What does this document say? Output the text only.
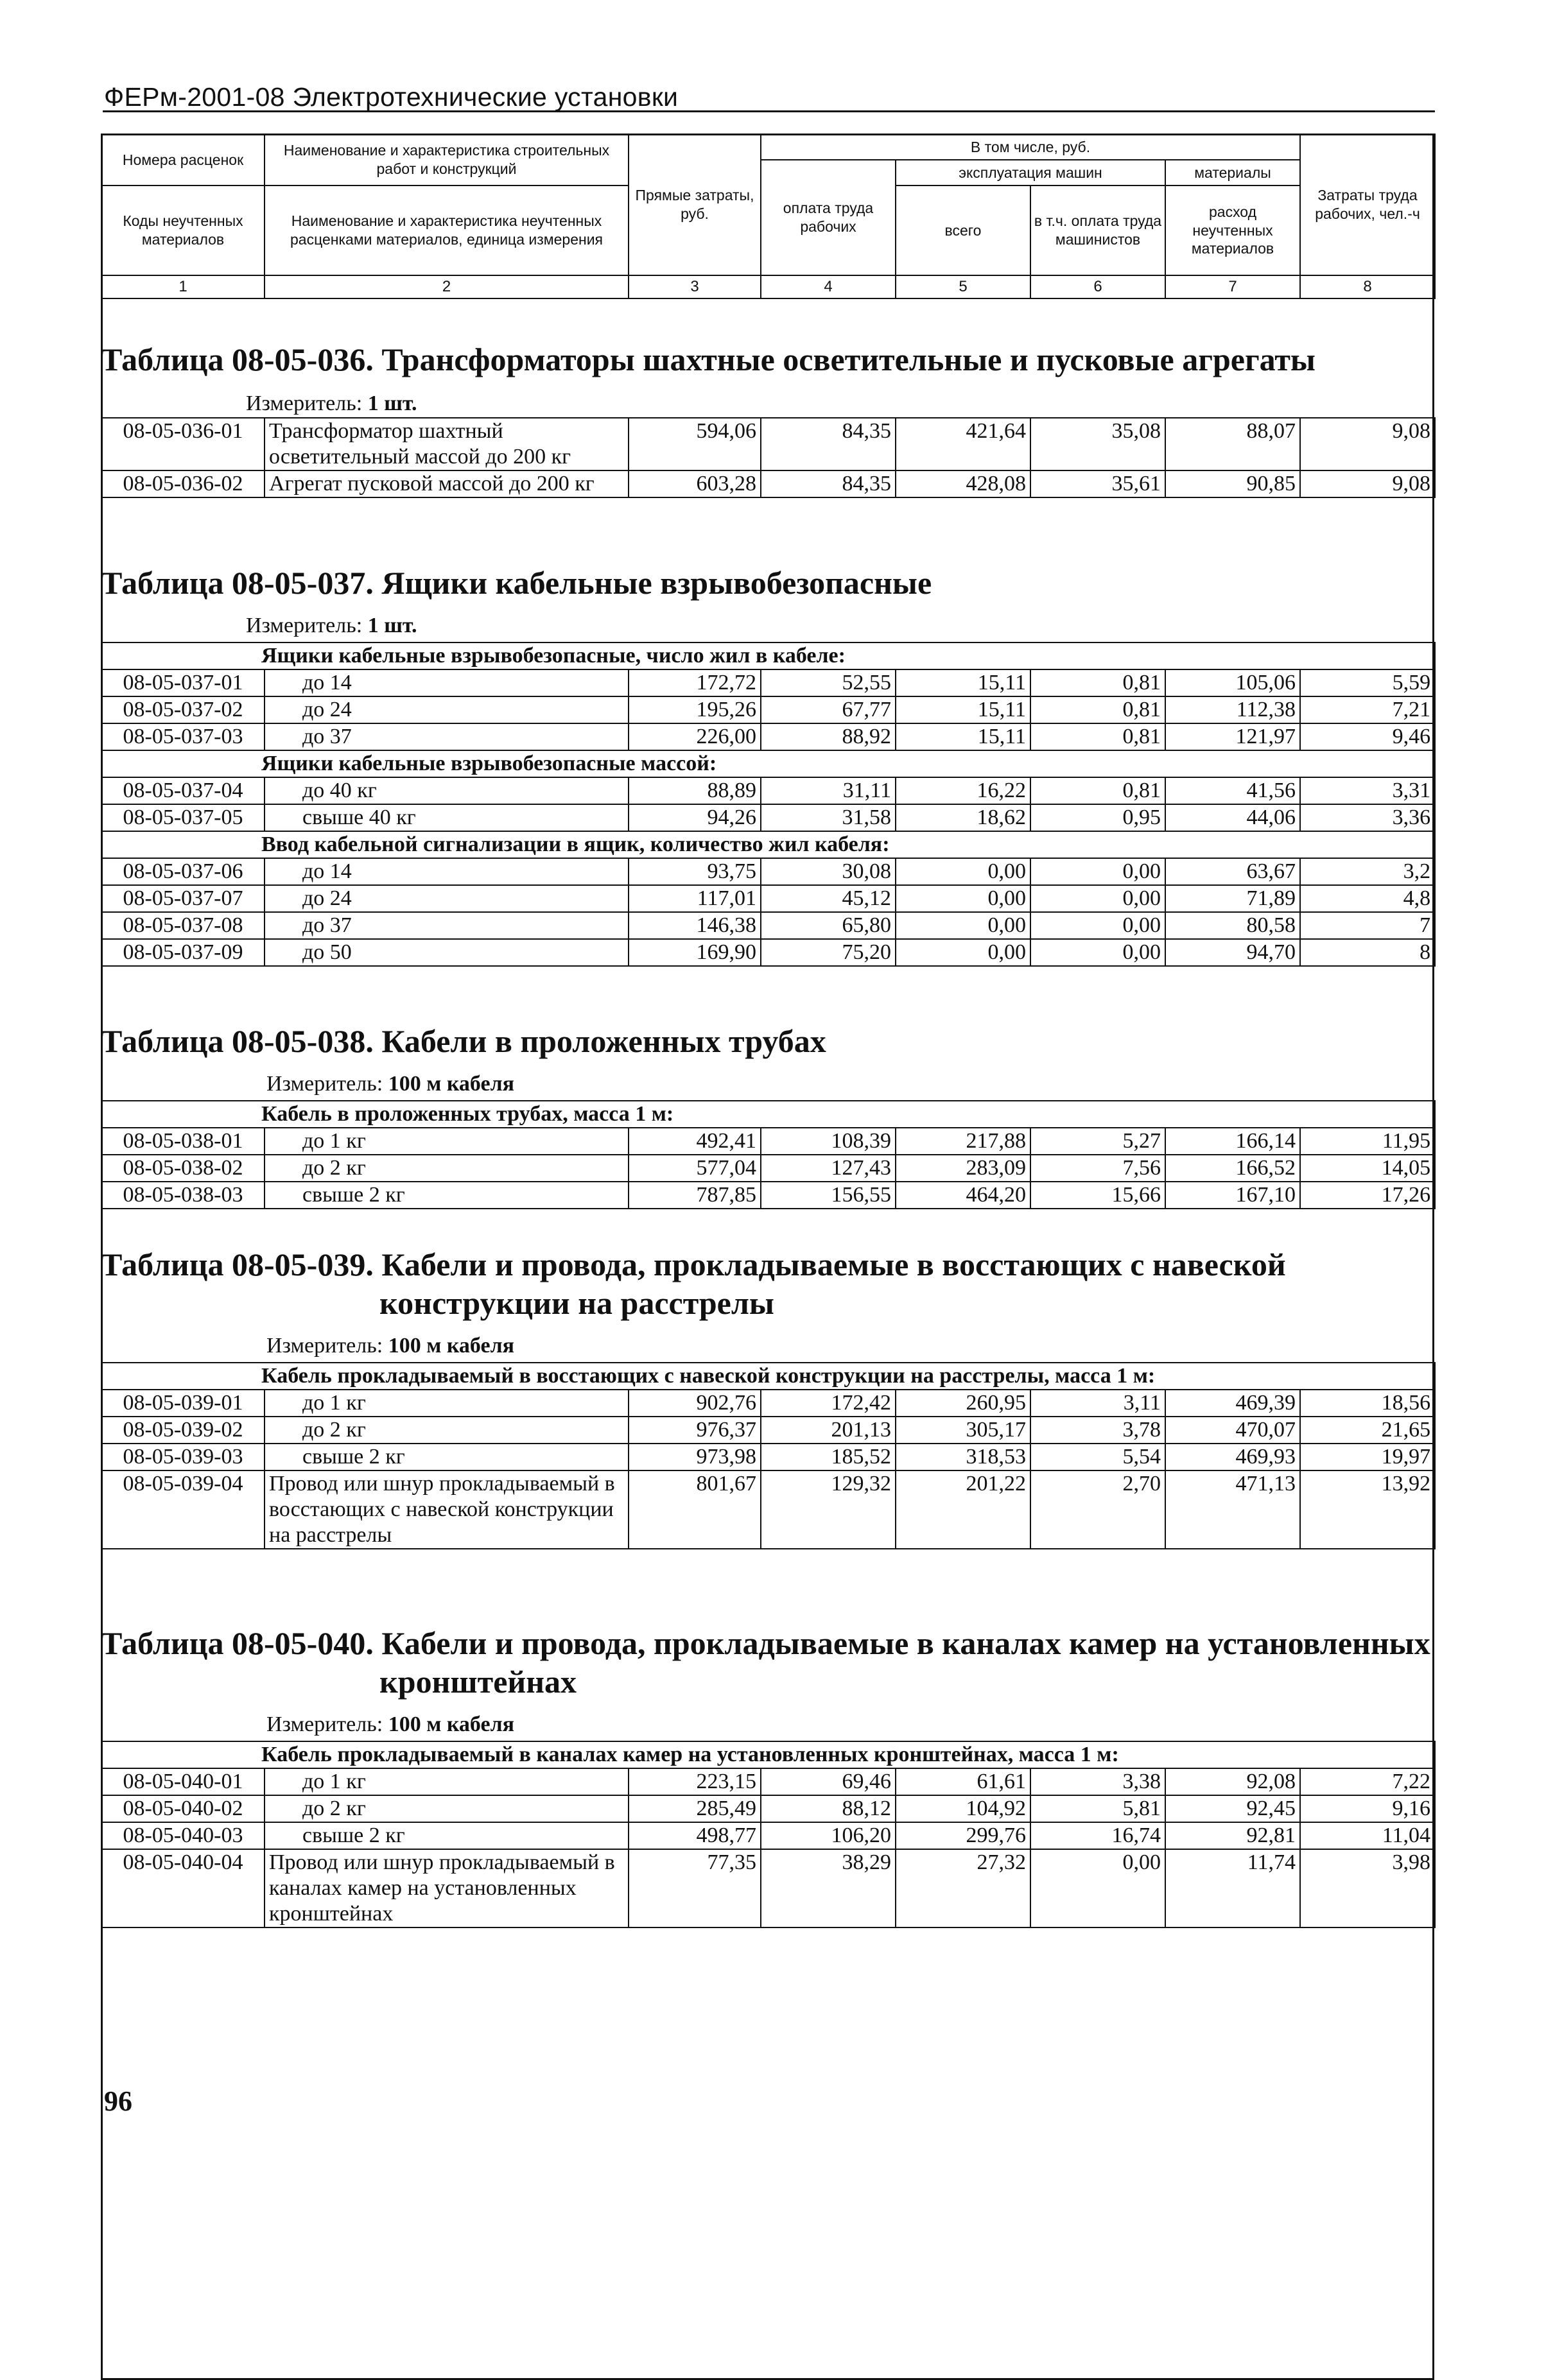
ФЕРм-2001-08 Электротехнические установки
Номера расценок	Наименование и характеристика строительных работ и конструкций	Прямые затраты, руб.	В том числе, руб.				Затраты труда рабочих, чел.-ч
			оплата труда рабочих	эксплуатация машин		материалы	
Коды неучтенных материалов	Наименование и характеристика неучтенных расценками материалов, единица измерения			всего	в т.ч. оплата труда машинистов	расход неучтенных материалов	

1	2	3	4	5	6	7	8
Таблица 08-05-036. Трансформаторы шахтные осветительные и пусковые агрегаты
Измеритель: 1 шт.
08-05-036-01	Трансформатор шахтный осветительный массой до 200 кг	594,06	84,35	421,64	35,08	88,07	9,08
08-05-036-02	Агрегат пусковой массой до 200 кг	603,28	84,35	428,08	35,61	90,85	9,08
Таблица 08-05-037. Ящики кабельные взрывобезопасные
Измеритель: 1 шт.
Ящики кабельные взрывобезопасные, число жил в кабеле:							
08-05-037-01	до 14	172,72	52,55	15,11	0,81	105,06	5,59
08-05-037-02	до 24	195,26	67,77	15,11	0,81	112,38	7,21
08-05-037-03	до 37	226,00	88,92	15,11	0,81	121,97	9,46
Ящики кабельные взрывобезопасные массой:							
08-05-037-04	до 40 кг	88,89	31,11	16,22	0,81	41,56	3,31
08-05-037-05	свыше 40 кг	94,26	31,58	18,62	0,95	44,06	3,36
Ввод кабельной сигнализации в ящик, количество жил кабеля:							
08-05-037-06	до 14	93,75	30,08	0,00	0,00	63,67	3,2
08-05-037-07	до 24	117,01	45,12	0,00	0,00	71,89	4,8
08-05-037-08	до 37	146,38	65,80	0,00	0,00	80,58	7
08-05-037-09	до 50	169,90	75,20	0,00	0,00	94,70	8
Таблица 08-05-038. Кабели в проложенных трубах
Измеритель: 100 м кабеля
Кабель в проложенных трубах, масса 1 м:							
08-05-038-01	до 1 кг	492,41	108,39	217,88	5,27	166,14	11,95
08-05-038-02	до 2 кг	577,04	127,43	283,09	7,56	166,52	14,05
08-05-038-03	свыше 2 кг	787,85	156,55	464,20	15,66	167,10	17,26
Таблица 08-05-039. Кабели и провода, прокладываемые в восстающих с навеской
конструкции на расстрелы
Измеритель: 100 м кабеля
Кабель прокладываемый в восстающих с навеской конструкции на расстрелы, масса 1 м:							
08-05-039-01	до 1 кг	902,76	172,42	260,95	3,11	469,39	18,56
08-05-039-02	до 2 кг	976,37	201,13	305,17	3,78	470,07	21,65
08-05-039-03	свыше 2 кг	973,98	185,52	318,53	5,54	469,93	19,97
08-05-039-04	Провод или шнур прокладываемый в восстающих с навеской конструкции на расстрелы	801,67	129,32	201,22	2,70	471,13	13,92
Таблица 08-05-040. Кабели и провода, прокладываемые в каналах камер на установленных
кронштейнах
Измеритель: 100 м кабеля
Кабель прокладываемый в каналах камер на установленных кронштейнах, масса 1 м:							
08-05-040-01	до 1 кг	223,15	69,46	61,61	3,38	92,08	7,22
08-05-040-02	до 2 кг	285,49	88,12	104,92	5,81	92,45	9,16
08-05-040-03	свыше 2 кг	498,77	106,20	299,76	16,74	92,81	11,04
08-05-040-04	Провод или шнур прокладываемый в каналах камер на установленных кронштейнах	77,35	38,29	27,32	0,00	11,74	3,98
96
